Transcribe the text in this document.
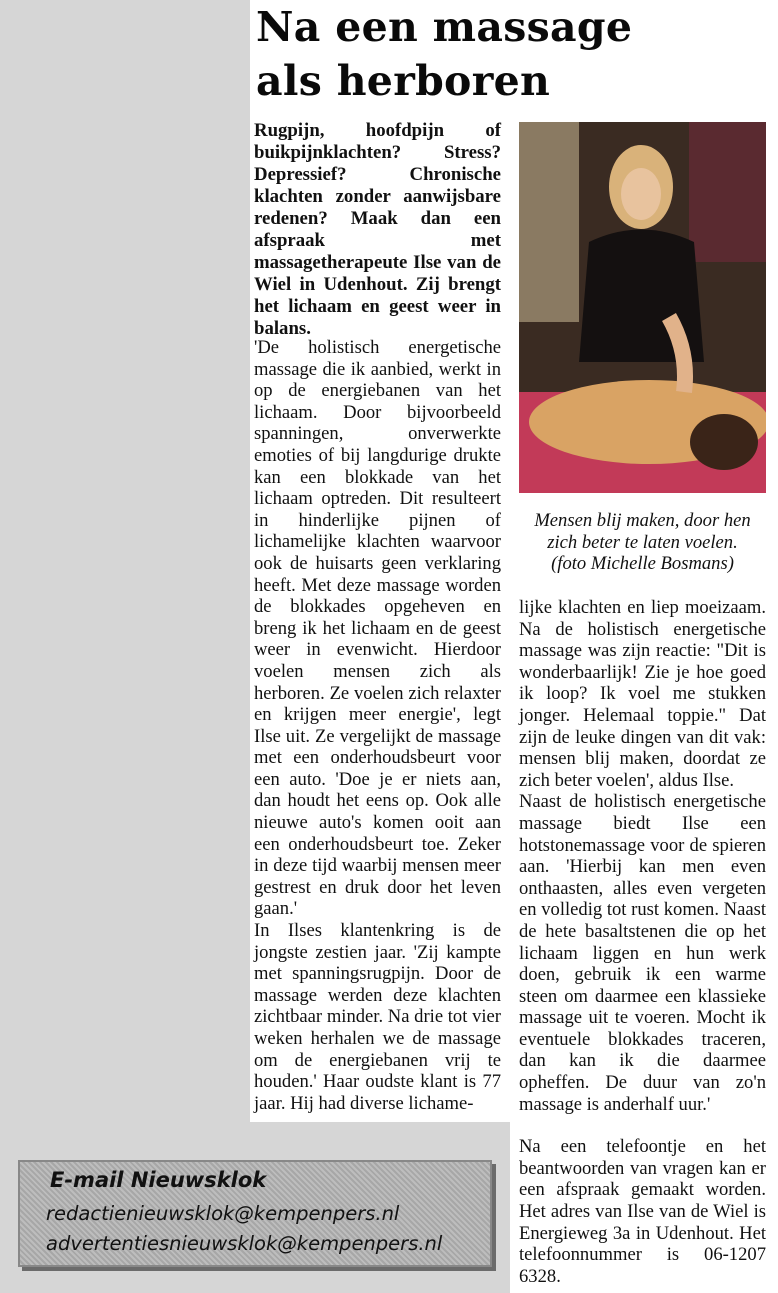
Na een massage
als herboren
Rugpijn, hoofdpijn of buikpijnklachten? Stress? Depressief? Chronische klachten zonder aanwijsbare redenen? Maak dan een afspraak met massagetherapeute Ilse van de Wiel in Udenhout. Zij brengt het lichaam en geest weer in balans.

'De holistisch energetische massage die ik aanbied, werkt in op de energiebanen van het lichaam. Door bijvoorbeeld spanningen, onverwerkte emoties of bij langdurige drukte kan een blokkade van het lichaam optreden. Dit resulteert in hinderlijke pijnen of lichamelijke klachten waarvoor ook de huisarts geen verklaring heeft. Met deze massage worden de blokkades opgeheven en breng ik het lichaam en de geest weer in evenwicht. Hierdoor voelen mensen zich als herboren. Ze voelen zich relaxter en krijgen meer energie', legt Ilse uit. Ze vergelijkt de massage met een onderhoudsbeurt voor een auto. 'Doe je er niets aan, dan houdt het eens op. Ook alle nieuwe auto's komen ooit aan een onderhoudsbeurt toe. Zeker in deze tijd waarbij mensen meer gestrest en druk door het leven gaan.'

In Ilses klantenkring is de jongste zestien jaar. 'Zij kampte met spanningsrugpijn. Door de massage werden deze klachten zichtbaar minder. Na drie tot vier weken herhalen we de massage om de energiebanen vrij te houden.' Haar oudste klant is 77 jaar. Hij had diverse lichame-

Mensen blij maken, door hen
zich beter te laten voelen.
(foto Michelle Bosmans)

lijke klachten en liep moeizaam. Na de holistisch energetische massage was zijn reactie: "Dit is wonderbaarlijk! Zie je hoe goed ik loop? Ik voel me stukken jonger. Helemaal toppie." Dat zijn de leuke dingen van dit vak: mensen blij maken, doordat ze zich beter voelen', aldus Ilse.

Naast de holistisch energetische massage biedt Ilse een hotstonemassage voor de spieren aan. 'Hierbij kan men even onthaasten, alles even vergeten en volledig tot rust komen. Naast de hete basaltstenen die op het lichaam liggen en hun werk doen, gebruik ik een warme steen om daarmee een klassieke massage uit te voeren. Mocht ik eventuele blokkades traceren, dan kan ik die daarmee opheffen. De duur van zo'n massage is anderhalf uur.'

Na een telefoontje en het beantwoorden van vragen kan er een afspraak gemaakt worden. Het adres van Ilse van de Wiel is Energieweg 3a in Udenhout. Het telefoonnummer is 06-1207 6328.

E-mail Nieuwsklok

redactienieuwsklok@kempenpers.nl
advertentiesnieuwsklok@kempenpers.nl
